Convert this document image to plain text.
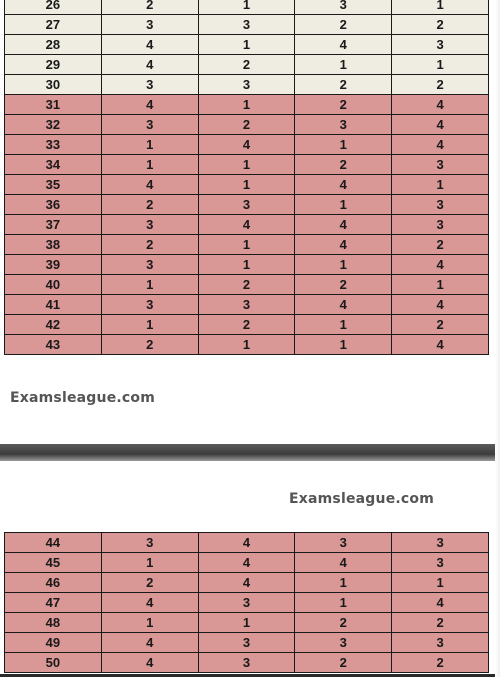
26	2	1	3	1
27	3	3	2	2
28	4	1	4	3
29	4	2	1	1
30	3	3	2	2
31	4	1	2	4
32	3	2	3	4
33	1	4	1	4
34	1	1	2	3
35	4	1	4	1
36	2	3	1	3
37	3	4	4	3
38	2	1	4	2
39	3	1	1	4
40	1	2	2	1
41	3	3	4	4
42	1	2	1	2
43	2	1	1	4
Examsleague.com
Examsleague.com
44	3	4	3	3
45	1	4	4	3
46	2	4	1	1
47	4	3	1	4
48	1	1	2	2
49	4	3	3	3
50	4	3	2	2
